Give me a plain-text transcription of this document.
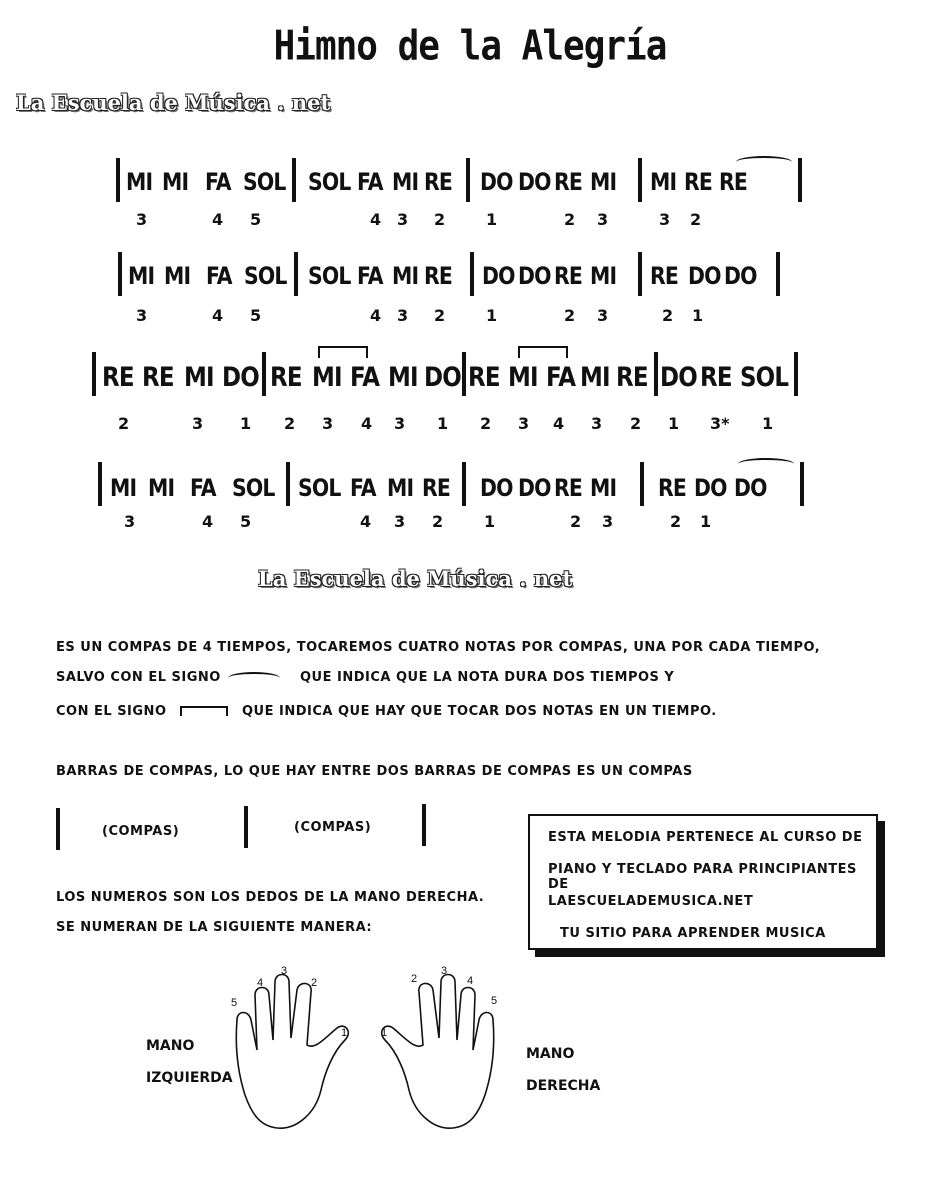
Himno de la Alegría
La Escuela de Música . net
MI MI FA SOL SOL FA MI RE DO DO RE MI MI RE RE
3	4 5	4 3 2	1	2 3	3 2
MI MI FA SOL SOL FA MI RE DO DO RE MI RE DO DO
3	4 5	4 3 2	1	2 3	2 1
RE RE MI DO RE MI FA MI DO RE MI FA MI RE DO RE SOL
2	3 1 2 3 4 3 1 2 3 4 3 2 1 3* 1
MI MI FA SOL SOL FA MI RE DO DO RE MI RE DO DO
3	4 5	4 3 2	1	2 3	2 1
La Escuela de Música . net
ES UN COMPAS DE 4 TIEMPOS, TOCAREMOS CUATRO NOTAS POR COMPAS, UNA POR CADA TIEMPO,
SALVO CON EL SIGNO	QUE INDICA QUE LA NOTA DURA DOS TIEMPOS Y
CON EL SIGNO	QUE INDICA QUE HAY QUE TOCAR DOS NOTAS EN UN TIEMPO.
BARRAS DE COMPAS, LO QUE HAY ENTRE DOS BARRAS DE COMPAS ES UN COMPAS
(COMPAS)	(COMPAS)
LOS NUMEROS SON LOS DEDOS DE LA MANO DERECHA.
SE NUMERAN DE LA SIGUIENTE MANERA:
ESTA MELODIA PERTENECE AL CURSO DE
PIANO Y TECLADO PARA PRINCIPIANTES DE
LAESCUELADEMUSICA.NET
TU SITIO PARA APRENDER MUSICA
MANO
IZQUIERDA
MANO
DERECHA
5
4
3
2
1	1
2
3
4
5
